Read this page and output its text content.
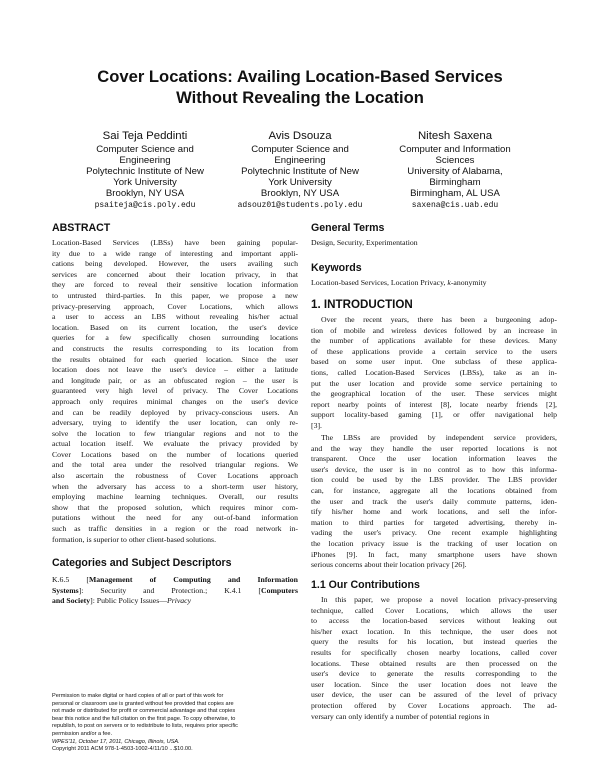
Cover Locations: Availing Location-Based Services
Without Revealing the Location
Sai Teja Peddinti
Computer Science and
Engineering
Polytechnic Institute of New
York University
Brooklyn, NY USA
psaiteja@cis.poly.edu
Avis Dsouza
Computer Science and
Engineering
Polytechnic Institute of New
York University
Brooklyn, NY USA
adsouz01@students.poly.edu
Nitesh Saxena
Computer and Information
Sciences
University of Alabama,
Birmingham
Birmingham, AL USA
saxena@cis.uab.edu
ABSTRACT
Location-Based Services (LBSs) have been gaining popular-
ity due to a wide range of interesting and important appli-
cations being developed. However, the users availing such
services are concerned about their location privacy, in that
they are forced to reveal their sensitive location information
to untrusted third-parties. In this paper, we propose a new
privacy-preserving approach, Cover Locations, which allows
a user to access an LBS without revealing his/her actual
location. Based on its current location, the user's device
queries for a few specifically chosen surrounding locations
and constructs the results corresponding to its location from
the results obtained for each queried location. Since the user
location does not leave the user's device – either a latitude
and longitude pair, or as an obfuscated region – the user is
guaranteed very high level of privacy. The Cover Locations
approach only requires minimal changes on the user's device
and can be readily deployed by privacy-conscious users. An
adversary, trying to identify the user location, can only re-
solve the location to few triangular regions and not to the
actual location itself. We evaluate the privacy provided by
Cover Locations based on the number of locations queried
and the total area under the resolved triangular regions. We
also ascertain the robustness of Cover Locations approach
when the adversary has access to a short-term user history,
employing machine learning techniques. Overall, our results
show that the proposed solution, which requires minor com-
putations without the need for any out-of-band information
such as traffic densities in a region or the road network in-
formation, is superior to other client-based solutions.
Categories and Subject Descriptors
K.6.5 [Management of Computing and Information
Systems]: Security and Protection.; K.4.1 [Computers
and Society]: Public Policy Issues—Privacy
Permission to make digital or hard copies of all or part of this work for
personal or classroom use is granted without fee provided that copies are
not made or distributed for profit or commercial advantage and that copies
bear this notice and the full citation on the first page. To copy otherwise, to
republish, to post on servers or to redistribute to lists, requires prior specific
permission and/or a fee.
WPES'11, October 17, 2011, Chicago, Illinois, USA.
Copyright 2011 ACM 978-1-4503-1002-4/11/10 ...$10.00.
General Terms
Design, Security, Experimentation
Keywords
Location-based Services, Location Privacy, k-anonymity
1. INTRODUCTION
Over the recent years, there has been a burgeoning adop-
tion of mobile and wireless devices followed by an increase in
the number of applications available for these devices. Many
of these applications provide a certain service to the users
based on some user input. One subclass of these applica-
tions, called Location-Based Services (LBSs), take as an in-
put the user location and provide some service pertaining to
the geographical location of the user. These services might
report nearby points of interest [8], locate nearby friends [2],
support locality-based gaming [1], or offer navigational help
[3].
The LBSs are provided by independent service providers,
and the way they handle the user reported locations is not
transparent. Once the user location information leaves the
user's device, the user is in no control as to how this informa-
tion could be used by the LBS provider. The LBS provider
can, for instance, aggregate all the locations obtained from
the user and track the user's daily commute patterns, iden-
tify his/her home and work locations, and sell the infor-
mation to third parties for targeted advertising, thereby in-
vading the user's privacy. One recent example highlighting
the location privacy issue is the tracking of user location on
iPhones [9]. In fact, many smartphone users have shown
serious concerns about their location privacy [26].
1.1 Our Contributions
In this paper, we propose a novel location privacy-preserving
technique, called Cover Locations, which allows the user
to access the location-based services without leaking out
his/her exact location. In this technique, the user does not
query the results for his location, but instead queries the
results for specifically chosen nearby locations, called cover
locations. These obtained results are then processed on the
user's device to generate the results corresponding to the
user location. Since the user location does not leave the
user device, the user can be assured of the level of privacy
protection offered by Cover Locations approach. The ad-
versary can only identify a number of potential regions in
